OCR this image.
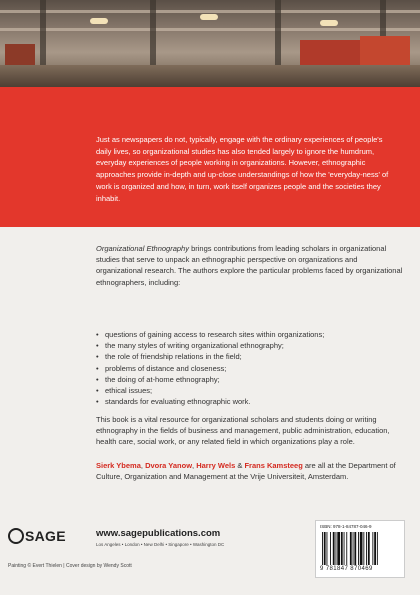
Just as newspapers do not, typically, engage with the ordinary experiences of people's daily lives, so organizational studies has also tended largely to ignore the humdrum, everyday experiences of people working in organizations. However, ethnographic approaches provide in-depth and up-close understandings of how the 'everyday-ness' of work is organized and how, in turn, work itself organizes people and the societies they inhabit.
Organizational Ethnography brings contributions from leading scholars in organizational studies that serve to unpack an ethnographic perspective on organizations and organizational research. The authors explore the particular problems faced by organizational ethnographers, including:
• questions of gaining access to research sites within organizations;
• the many styles of writing organizational ethnography;
• the role of friendship relations in the field;
• problems of distance and closeness;
• the doing of at-home ethnography;
• ethical issues;
• standards for evaluating ethnographic work.
This book is a vital resource for organizational scholars and students doing or writing ethnography in the fields of business and management, public administration, education, health care, social work, or any related field in which organizations play a role.
Sierk Ybema, Dvora Yanow, Harry Wels & Frans Kamsteeg are all at the Department of Culture, Organization and Management at the Vrije Universiteit, Amsterdam.
SAGE	www.sagepublications.com
Los Angeles • London • New Delhi • Singapore • Washington DC
Painting © Evert Thielen | Cover design by Wendy Scott
ISBN: 978-1-84787-046-9
9 781847 870469
